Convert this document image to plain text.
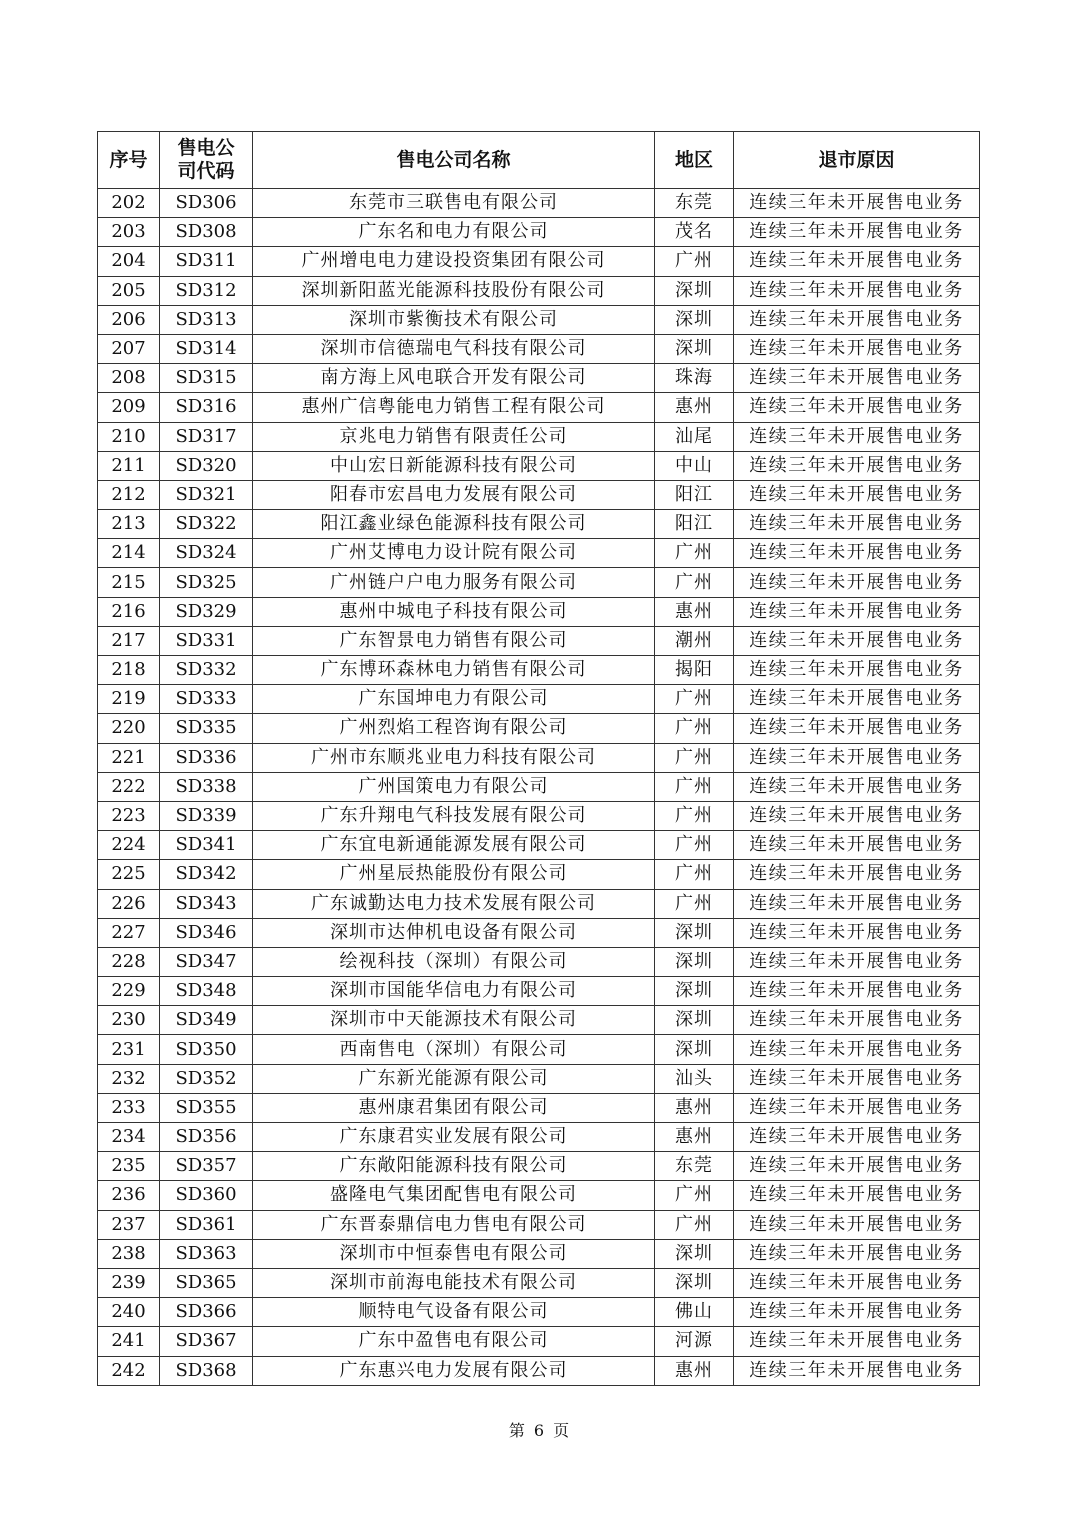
序号	售电公司代码	售电公司名称	地区	退市原因
202	SD306	东莞市三联售电有限公司	东莞	连续三年未开展售电业务
203	SD308	广东名和电力有限公司	茂名	连续三年未开展售电业务
204	SD311	广州增电电力建设投资集团有限公司	广州	连续三年未开展售电业务
205	SD312	深圳新阳蓝光能源科技股份有限公司	深圳	连续三年未开展售电业务
206	SD313	深圳市紫衡技术有限公司	深圳	连续三年未开展售电业务
207	SD314	深圳市信德瑞电气科技有限公司	深圳	连续三年未开展售电业务
208	SD315	南方海上风电联合开发有限公司	珠海	连续三年未开展售电业务
209	SD316	惠州广信粤能电力销售工程有限公司	惠州	连续三年未开展售电业务
210	SD317	京兆电力销售有限责任公司	汕尾	连续三年未开展售电业务
211	SD320	中山宏日新能源科技有限公司	中山	连续三年未开展售电业务
212	SD321	阳春市宏昌电力发展有限公司	阳江	连续三年未开展售电业务
213	SD322	阳江鑫业绿色能源科技有限公司	阳江	连续三年未开展售电业务
214	SD324	广州艾博电力设计院有限公司	广州	连续三年未开展售电业务
215	SD325	广州链户户电力服务有限公司	广州	连续三年未开展售电业务
216	SD329	惠州中城电子科技有限公司	惠州	连续三年未开展售电业务
217	SD331	广东智景电力销售有限公司	潮州	连续三年未开展售电业务
218	SD332	广东博环森林电力销售有限公司	揭阳	连续三年未开展售电业务
219	SD333	广东国坤电力有限公司	广州	连续三年未开展售电业务
220	SD335	广州烈焰工程咨询有限公司	广州	连续三年未开展售电业务
221	SD336	广州市东顺兆业电力科技有限公司	广州	连续三年未开展售电业务
222	SD338	广州国策电力有限公司	广州	连续三年未开展售电业务
223	SD339	广东升翔电气科技发展有限公司	广州	连续三年未开展售电业务
224	SD341	广东宜电新通能源发展有限公司	广州	连续三年未开展售电业务
225	SD342	广州星辰热能股份有限公司	广州	连续三年未开展售电业务
226	SD343	广东诚勤达电力技术发展有限公司	广州	连续三年未开展售电业务
227	SD346	深圳市达伸机电设备有限公司	深圳	连续三年未开展售电业务
228	SD347	绘视科技（深圳）有限公司	深圳	连续三年未开展售电业务
229	SD348	深圳市国能华信电力有限公司	深圳	连续三年未开展售电业务
230	SD349	深圳市中天能源技术有限公司	深圳	连续三年未开展售电业务
231	SD350	西南售电（深圳）有限公司	深圳	连续三年未开展售电业务
232	SD352	广东新光能源有限公司	汕头	连续三年未开展售电业务
233	SD355	惠州康君集团有限公司	惠州	连续三年未开展售电业务
234	SD356	广东康君实业发展有限公司	惠州	连续三年未开展售电业务
235	SD357	广东敞阳能源科技有限公司	东莞	连续三年未开展售电业务
236	SD360	盛隆电气集团配售电有限公司	广州	连续三年未开展售电业务
237	SD361	广东晋泰鼎信电力售电有限公司	广州	连续三年未开展售电业务
238	SD363	深圳市中恒泰售电有限公司	深圳	连续三年未开展售电业务
239	SD365	深圳市前海电能技术有限公司	深圳	连续三年未开展售电业务
240	SD366	顺特电气设备有限公司	佛山	连续三年未开展售电业务
241	SD367	广东中盈售电有限公司	河源	连续三年未开展售电业务
242	SD368	广东惠兴电力发展有限公司	惠州	连续三年未开展售电业务
第 6 页
